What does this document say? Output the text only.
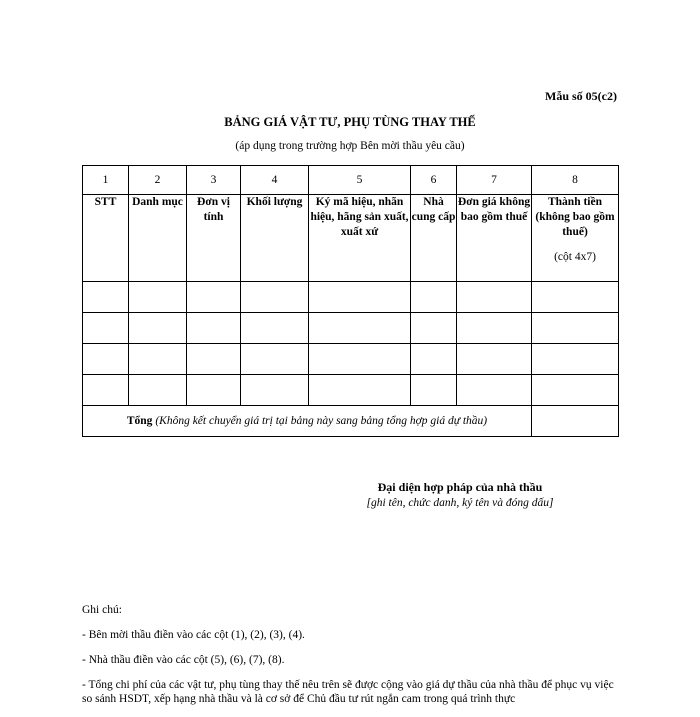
Mẫu số 05(c2)
BẢNG GIÁ VẬT TƯ, PHỤ TÙNG THAY THẾ
(áp dụng trong trường hợp Bên mời thầu yêu cầu)
1	2	3	4	5	6	7	8
STT	Danh mục	Đơn vị tính	Khối lượng	Ký mã hiệu, nhãn hiệu, hãng sản xuất, xuất xứ	Nhà cung cấp	Đơn giá không bao gồm thuế	Thành tiền (không bao gồm thuế)
(cột 4x7)

Tổng (Không kết chuyển giá trị tại bảng này sang bảng tổng hợp giá dự thầu)							
Đại diện hợp pháp của nhà thầu
[ghi tên, chức danh, ký tên và đóng dấu]

Ghi chú:

- Bên mời thầu điền vào các cột (1), (2), (3), (4).

- Nhà thầu điền vào các cột (5), (6), (7), (8).

- Tổng chi phí của các vật tư, phụ tùng thay thế nêu trên sẽ được cộng vào giá dự thầu của nhà thầu để phục vụ việc so sánh HSDT, xếp hạng nhà thầu và là cơ sở để Chủ đầu tư rút ngắn cam trong quá trình thực
